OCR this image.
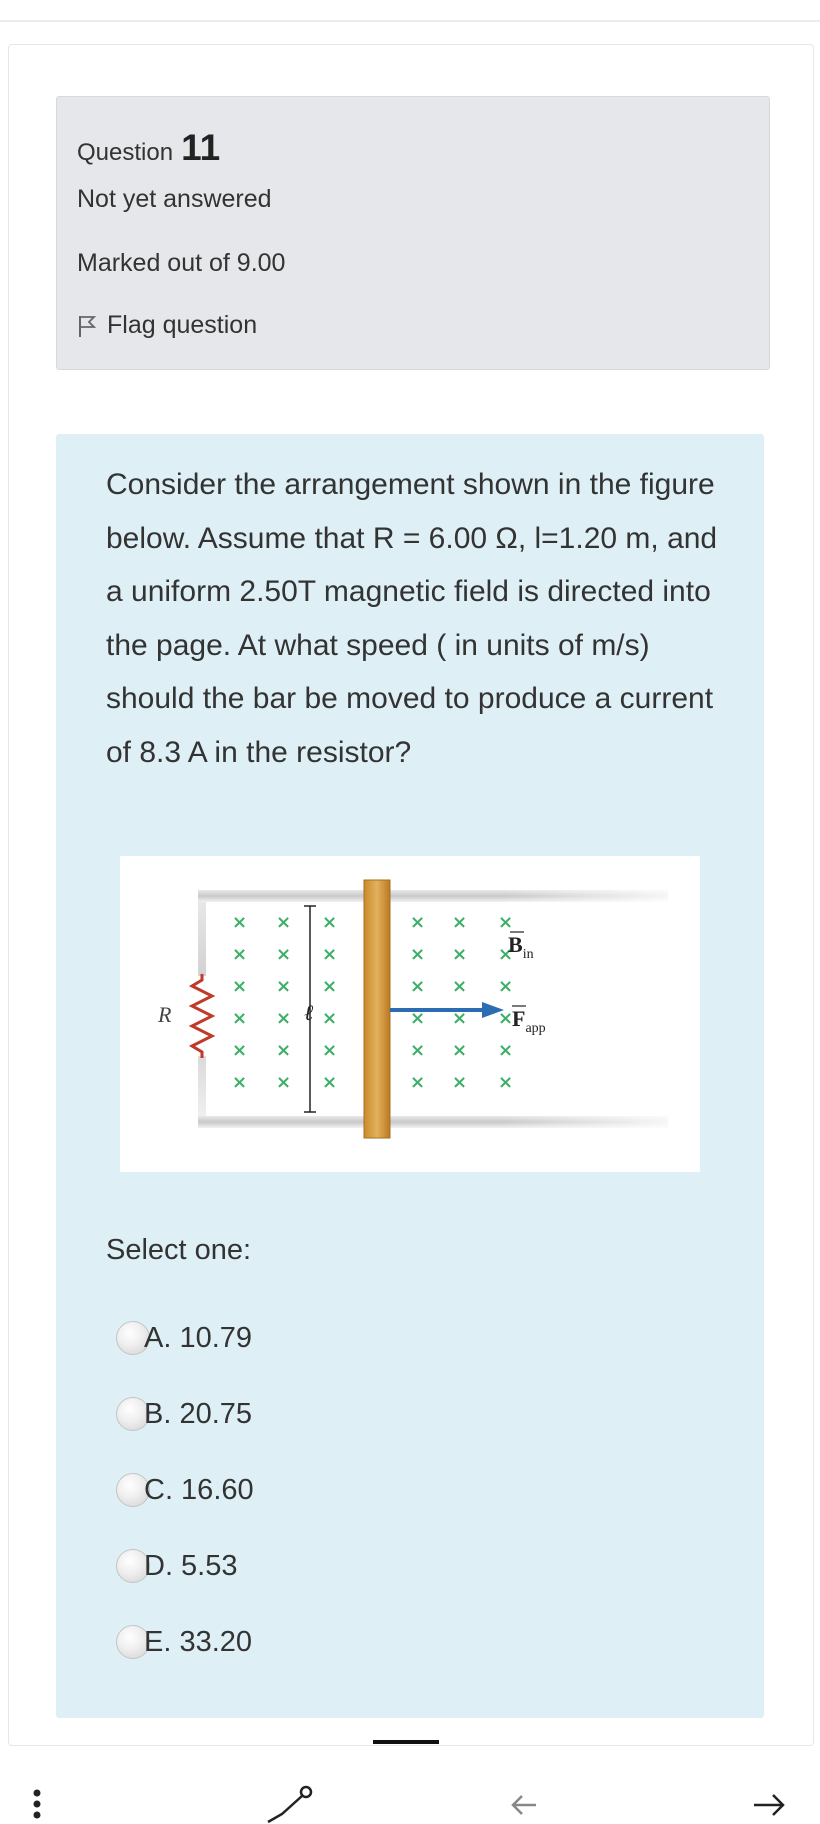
Question 11
Not yet answered
Marked out of 9.00
Flag question
Consider the arrangement shown in the figure below. Assume that R = 6.00 Ω, l=1.20 m, and a uniform 2.50T magnetic field is directed into the page. At what speed ( in units of m/s) should the bar be moved to produce a current of 8.3 A in the resistor?
×
×
×
×
×
×
×
×
×
×
×
×
×
×
×
×
×
×
×
×
×
×
×
×
×
×
×
×
×
×
×
×
×
×
×
×
ℓ
R
$B_{in}$
$F_{app}$
Select one:
A. 10.79
B. 20.75
C. 16.60
D. 5.53
E. 33.20
